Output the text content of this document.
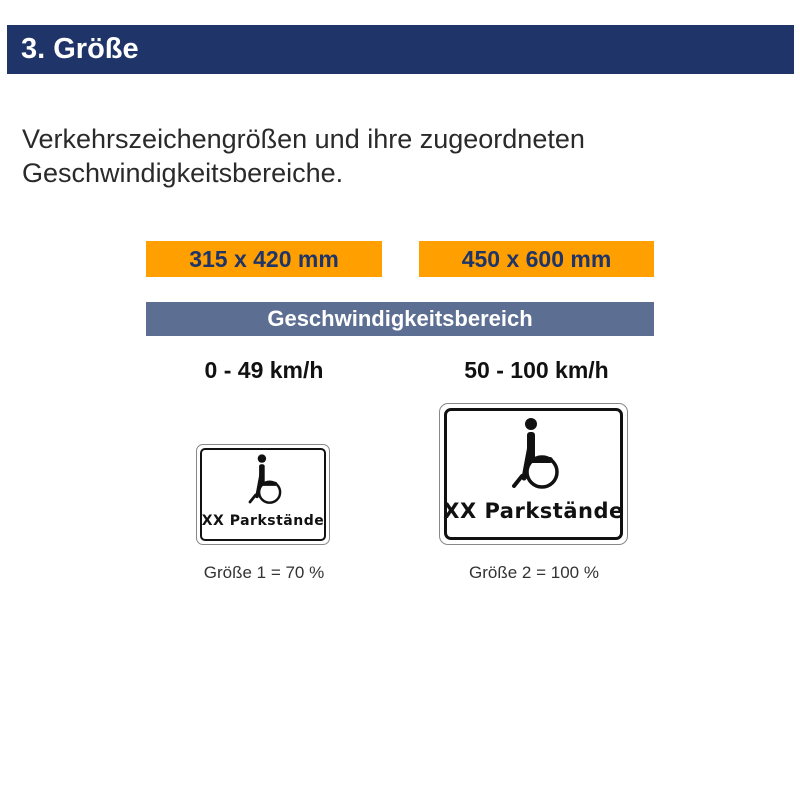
3. Größe
Verkehrszeichengrößen und ihre zugeordneten
Geschwindigkeitsbereiche.
315 x 420 mm	450 x 600 mm
Geschwindigkeitsbereich
0 - 49 km/h	50 - 100 km/h
XX Parkstände	XX Parkstände
Größe 1 = 70 %	Größe 2 = 100 %
